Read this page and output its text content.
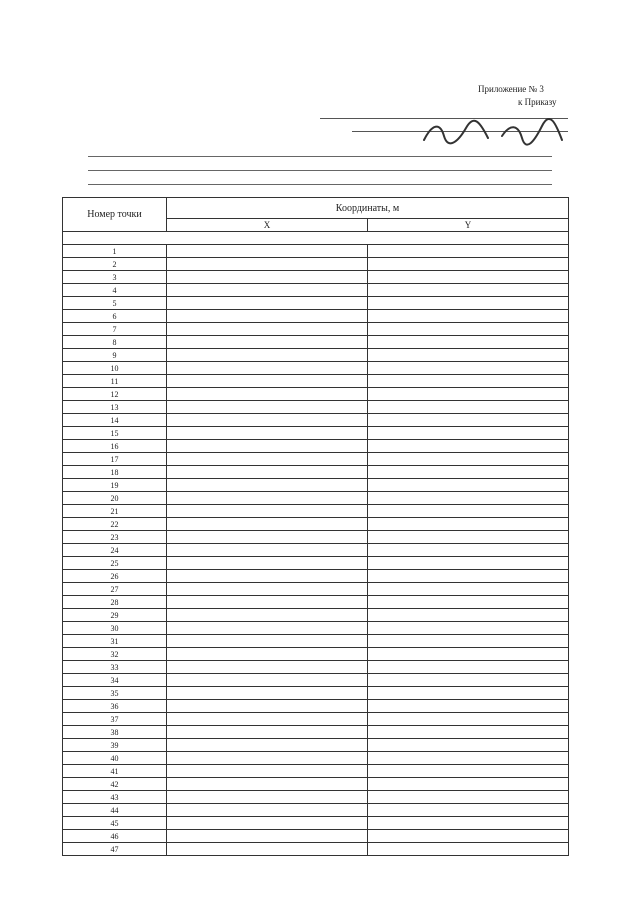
Приложение № 3
к Приказу
Номер точки	Координаты, м	
	X	Y

1		
2		
3		
4		
5		
6		
7		
8		
9		
10		
11		
12		
13		
14		
15		
16		
17		
18		
19		
20		
21		
22		
23		
24		
25		
26		
27		
28		
29		
30		
31		
32		
33		
34		
35		
36		
37		
38		
39		
40		
41		
42		
43		
44		
45		
46		
47		
